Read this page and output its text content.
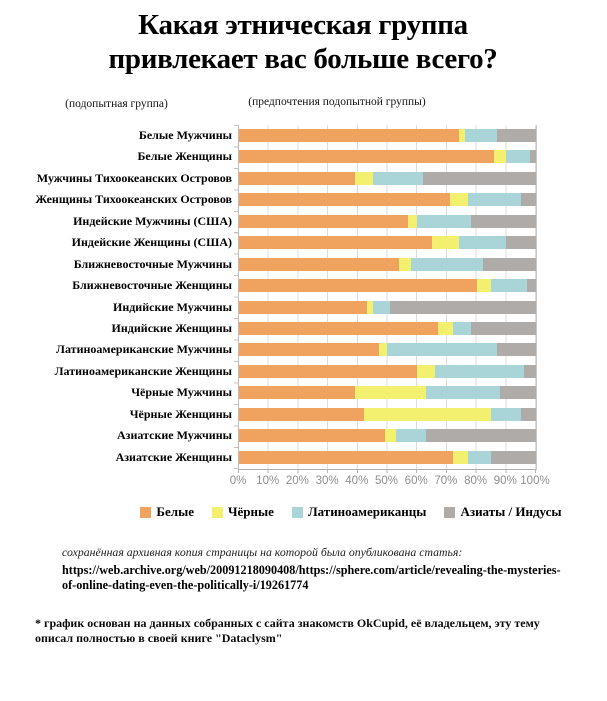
Какая этническая группа привлекает вас больше всего?
(подопытная группа)	(предпочтения подопытной группы)
Белые Мужчины
Белые Женщины
Мужчины Тихоокеанских Островов
Женщины Тихоокеанских Островов
Индейские Мужчины (США)
Индейские Женщины (США)
Ближневосточные Мужчины
Ближневосточные Женщины
Индийские Мужчины
Индийские Женщины
Латиноамериканские Мужчины
Латиноамериканские Женщины
Чёрные Мужчины
Чёрные Женщины
Азиатские Мужчины
Азиатские Женщины
0% 10% 20% 30% 40% 50% 60% 70% 80% 90% 100%
Белые	Чёрные	Латиноамериканцы	Азиаты / Индусы
сохранённая архивная копия страницы на которой была опубликована статья:
https://web.archive.org/web/20091218090408/https://sphere.com/article/revealing-the-mysteries-of-online-dating-even-the-politically-i/19261774
* график основан на данных собранных с сайта знакомств OkCupid, её владельцем, эту тему описал полностью в своей книге "Dataclysm"
